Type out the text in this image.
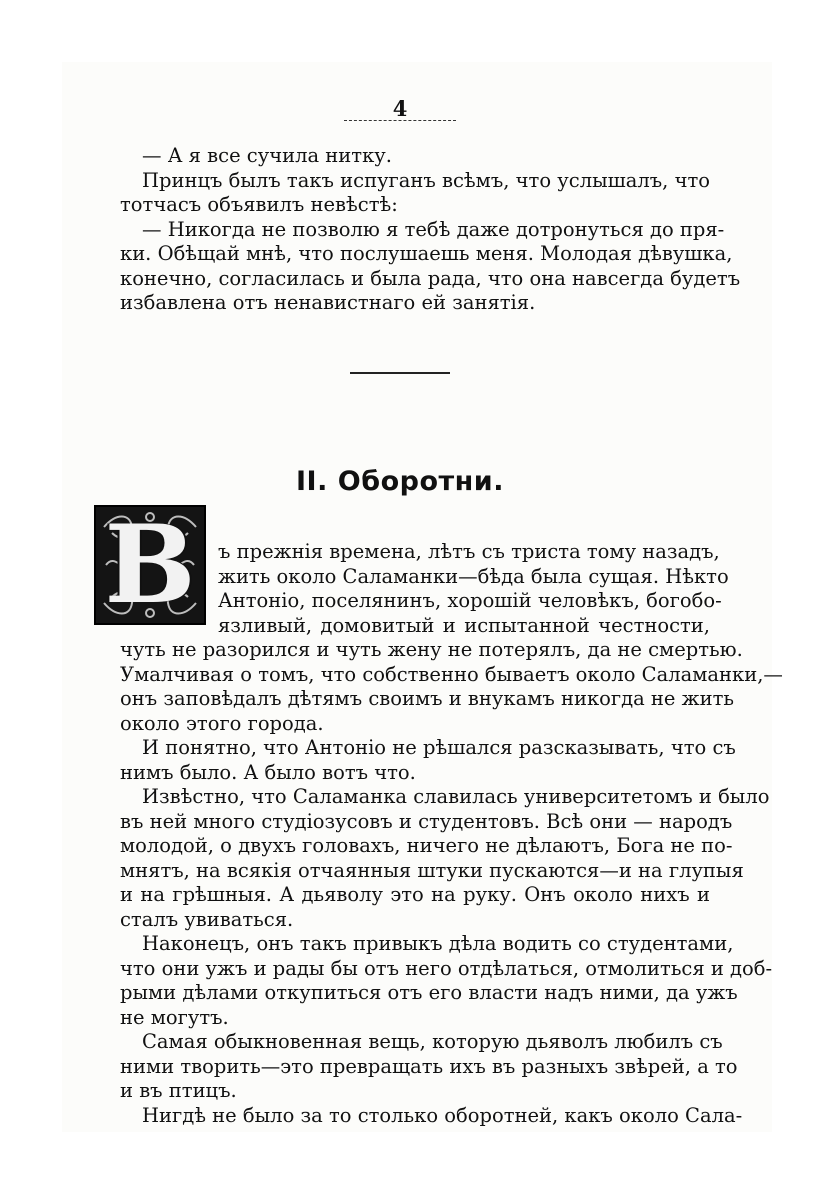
4
— А я все сучила нитку.
Принцъ былъ такъ испуганъ всѣмъ, что услышалъ, что
тотчасъ объявилъ невѣстѣ:
— Никогда не позволю я тебѣ даже дотронуться до пря-
ки. Обѣщай мнѣ, что послушаешь меня. Молодая дѣвушка,
конечно, согласилась и была рада, что она навсегда будетъ
избавлена отъ ненавистнаго ей занятія.
II. Оборотни.
В	ъ прежнія времена, лѣтъ съ триста тому назадъ,
жить около Саламанки—бѣда была сущая. Нѣкто
Антоніо, поселянинъ, хорошій человѣкъ, богобо-
язливый, домовитый и испытанной честности,
чуть не разорился и чуть жену не потерялъ, да не смертью.
Умалчивая о томъ, что собственно бываетъ около Саламанки,—
онъ заповѣдалъ дѣтямъ своимъ и внукамъ никогда не жить
около этого города.
И понятно, что Антоніо не рѣшался разсказывать, что съ
нимъ было. А было вотъ что.
Извѣстно, что Саламанка славилась университетомъ и было
въ ней много студіозусовъ и студентовъ. Всѣ они — народъ
молодой, о двухъ головахъ, ничего не дѣлаютъ, Бога не по-
мнятъ, на всякія отчаянныя штуки пускаются—и на глупыя
и на грѣшныя. А дьяволу это на руку. Онъ около нихъ и
сталъ увиваться.
Наконецъ, онъ такъ привыкъ дѣла водить со студентами,
что они ужъ и рады бы отъ него отдѣлаться, отмолиться и доб-
рыми дѣлами откупиться отъ его власти надъ ними, да ужъ
не могутъ.
Самая обыкновенная вещь, которую дьяволъ любилъ съ
ними творить—это превращать ихъ въ разныхъ звѣрей, а то
и въ птицъ.
Нигдѣ не было за то столько оборотней, какъ около Сала-
